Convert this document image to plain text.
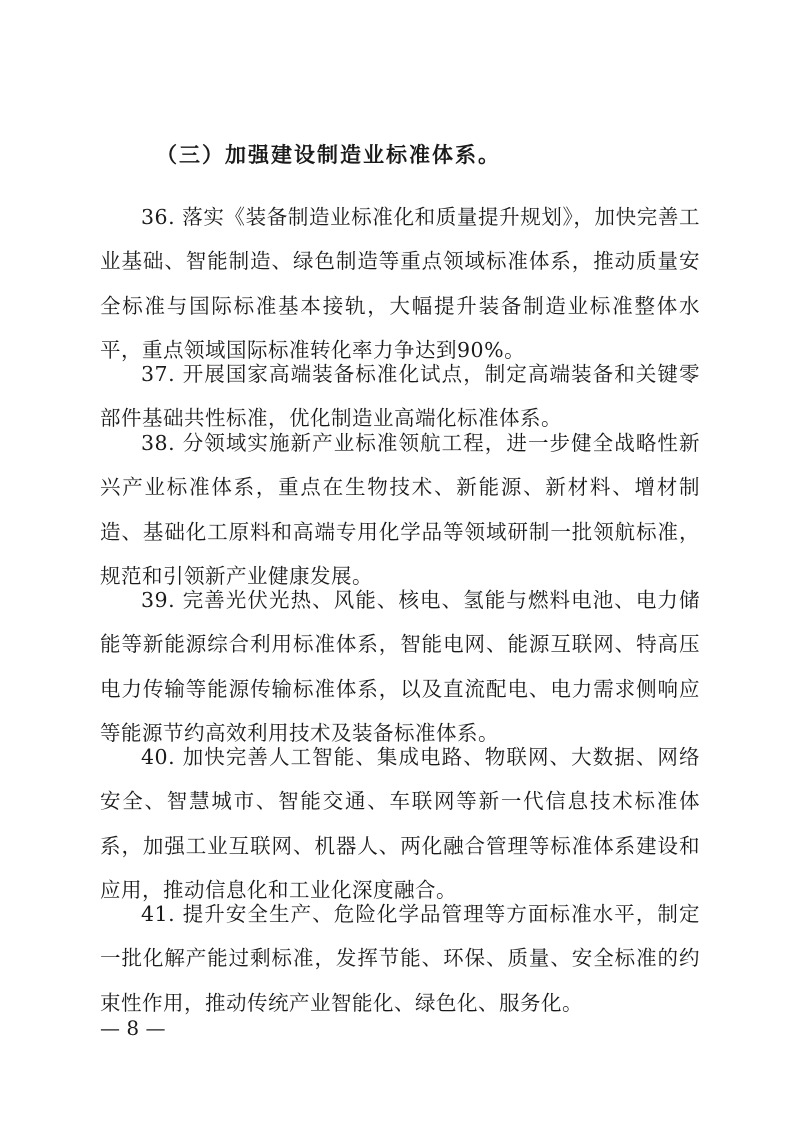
（三）加强建设制造业标准体系。

36. 落实《装备制造业标准化和质量提升规划》，加快完善工业基础、智能制造、绿色制造等重点领域标准体系，推动质量安全标准与国际标准基本接轨，大幅提升装备制造业标准整体水平，重点领域国际标准转化率力争达到90%。

37. 开展国家高端装备标准化试点，制定高端装备和关键零部件基础共性标准，优化制造业高端化标准体系。

38. 分领域实施新产业标准领航工程，进一步健全战略性新兴产业标准体系，重点在生物技术、新能源、新材料、增材制造、基础化工原料和高端专用化学品等领域研制一批领航标准，规范和引领新产业健康发展。

39. 完善光伏光热、风能、核电、氢能与燃料电池、电力储能等新能源综合利用标准体系，智能电网、能源互联网、特高压电力传输等能源传输标准体系，以及直流配电、电力需求侧响应等能源节约高效利用技术及装备标准体系。

40. 加快完善人工智能、集成电路、物联网、大数据、网络安全、智慧城市、智能交通、车联网等新一代信息技术标准体系，加强工业互联网、机器人、两化融合管理等标准体系建设和应用，推动信息化和工业化深度融合。

41. 提升安全生产、危险化学品管理等方面标准水平，制定一批化解产能过剩标准，发挥节能、环保、质量、安全标准的约束性作用，推动传统产业智能化、绿色化、服务化。

— 8 —
